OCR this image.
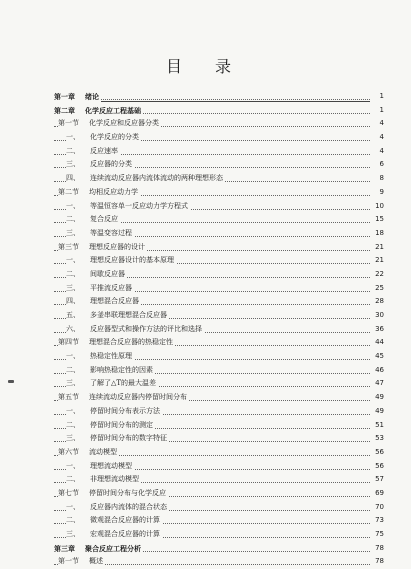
目 录
第一章 绪论	1
第二章 化学反应工程基础	1
第一节 化学反应和反应器分类	4
一、 化学反应的分类	4
二、 反应速率	4
三、 反应器的分类	6
四、 连续流动反应器内流体流动的两种理想形态	8
第二节 均相反应动力学	9
一、 等温恒容单一反应动力学方程式	10
二、 复合反应	15
三、 等温变容过程	18
第三节 理想反应器的设计	21
一、 理想反应器设计的基本原理	21
二、 间歇反应器	22
三、 平推流反应器	25
四、 理想混合反应器	28
五、 多釜串联理想混合反应器	30
六、 反应器型式和操作方法的评比和选择	36
第四节 理想混合反应器的热稳定性	44
一、 热稳定性原理	45
二、 影响热稳定性的因素	46
三、 了解了△T的最大温差	47
第五节 连续流动反应器内停留时间分布	49
一、 停留时间分布表示方法	49
二、 停留时间分布的测定	51
三、 停留时间分布的数字特征	53
第六节 流动模型	56
一、 理想流动模型	56
二、 非理想流动模型	57
第七节 停留时间分布与化学反应	69
一、 反应器内流体的混合状态	70
二、 微观混合反应器的计算	73
三、 宏观混合反应器的计算	75
第三章 聚合反应工程分析	78
第一节 概述	78
